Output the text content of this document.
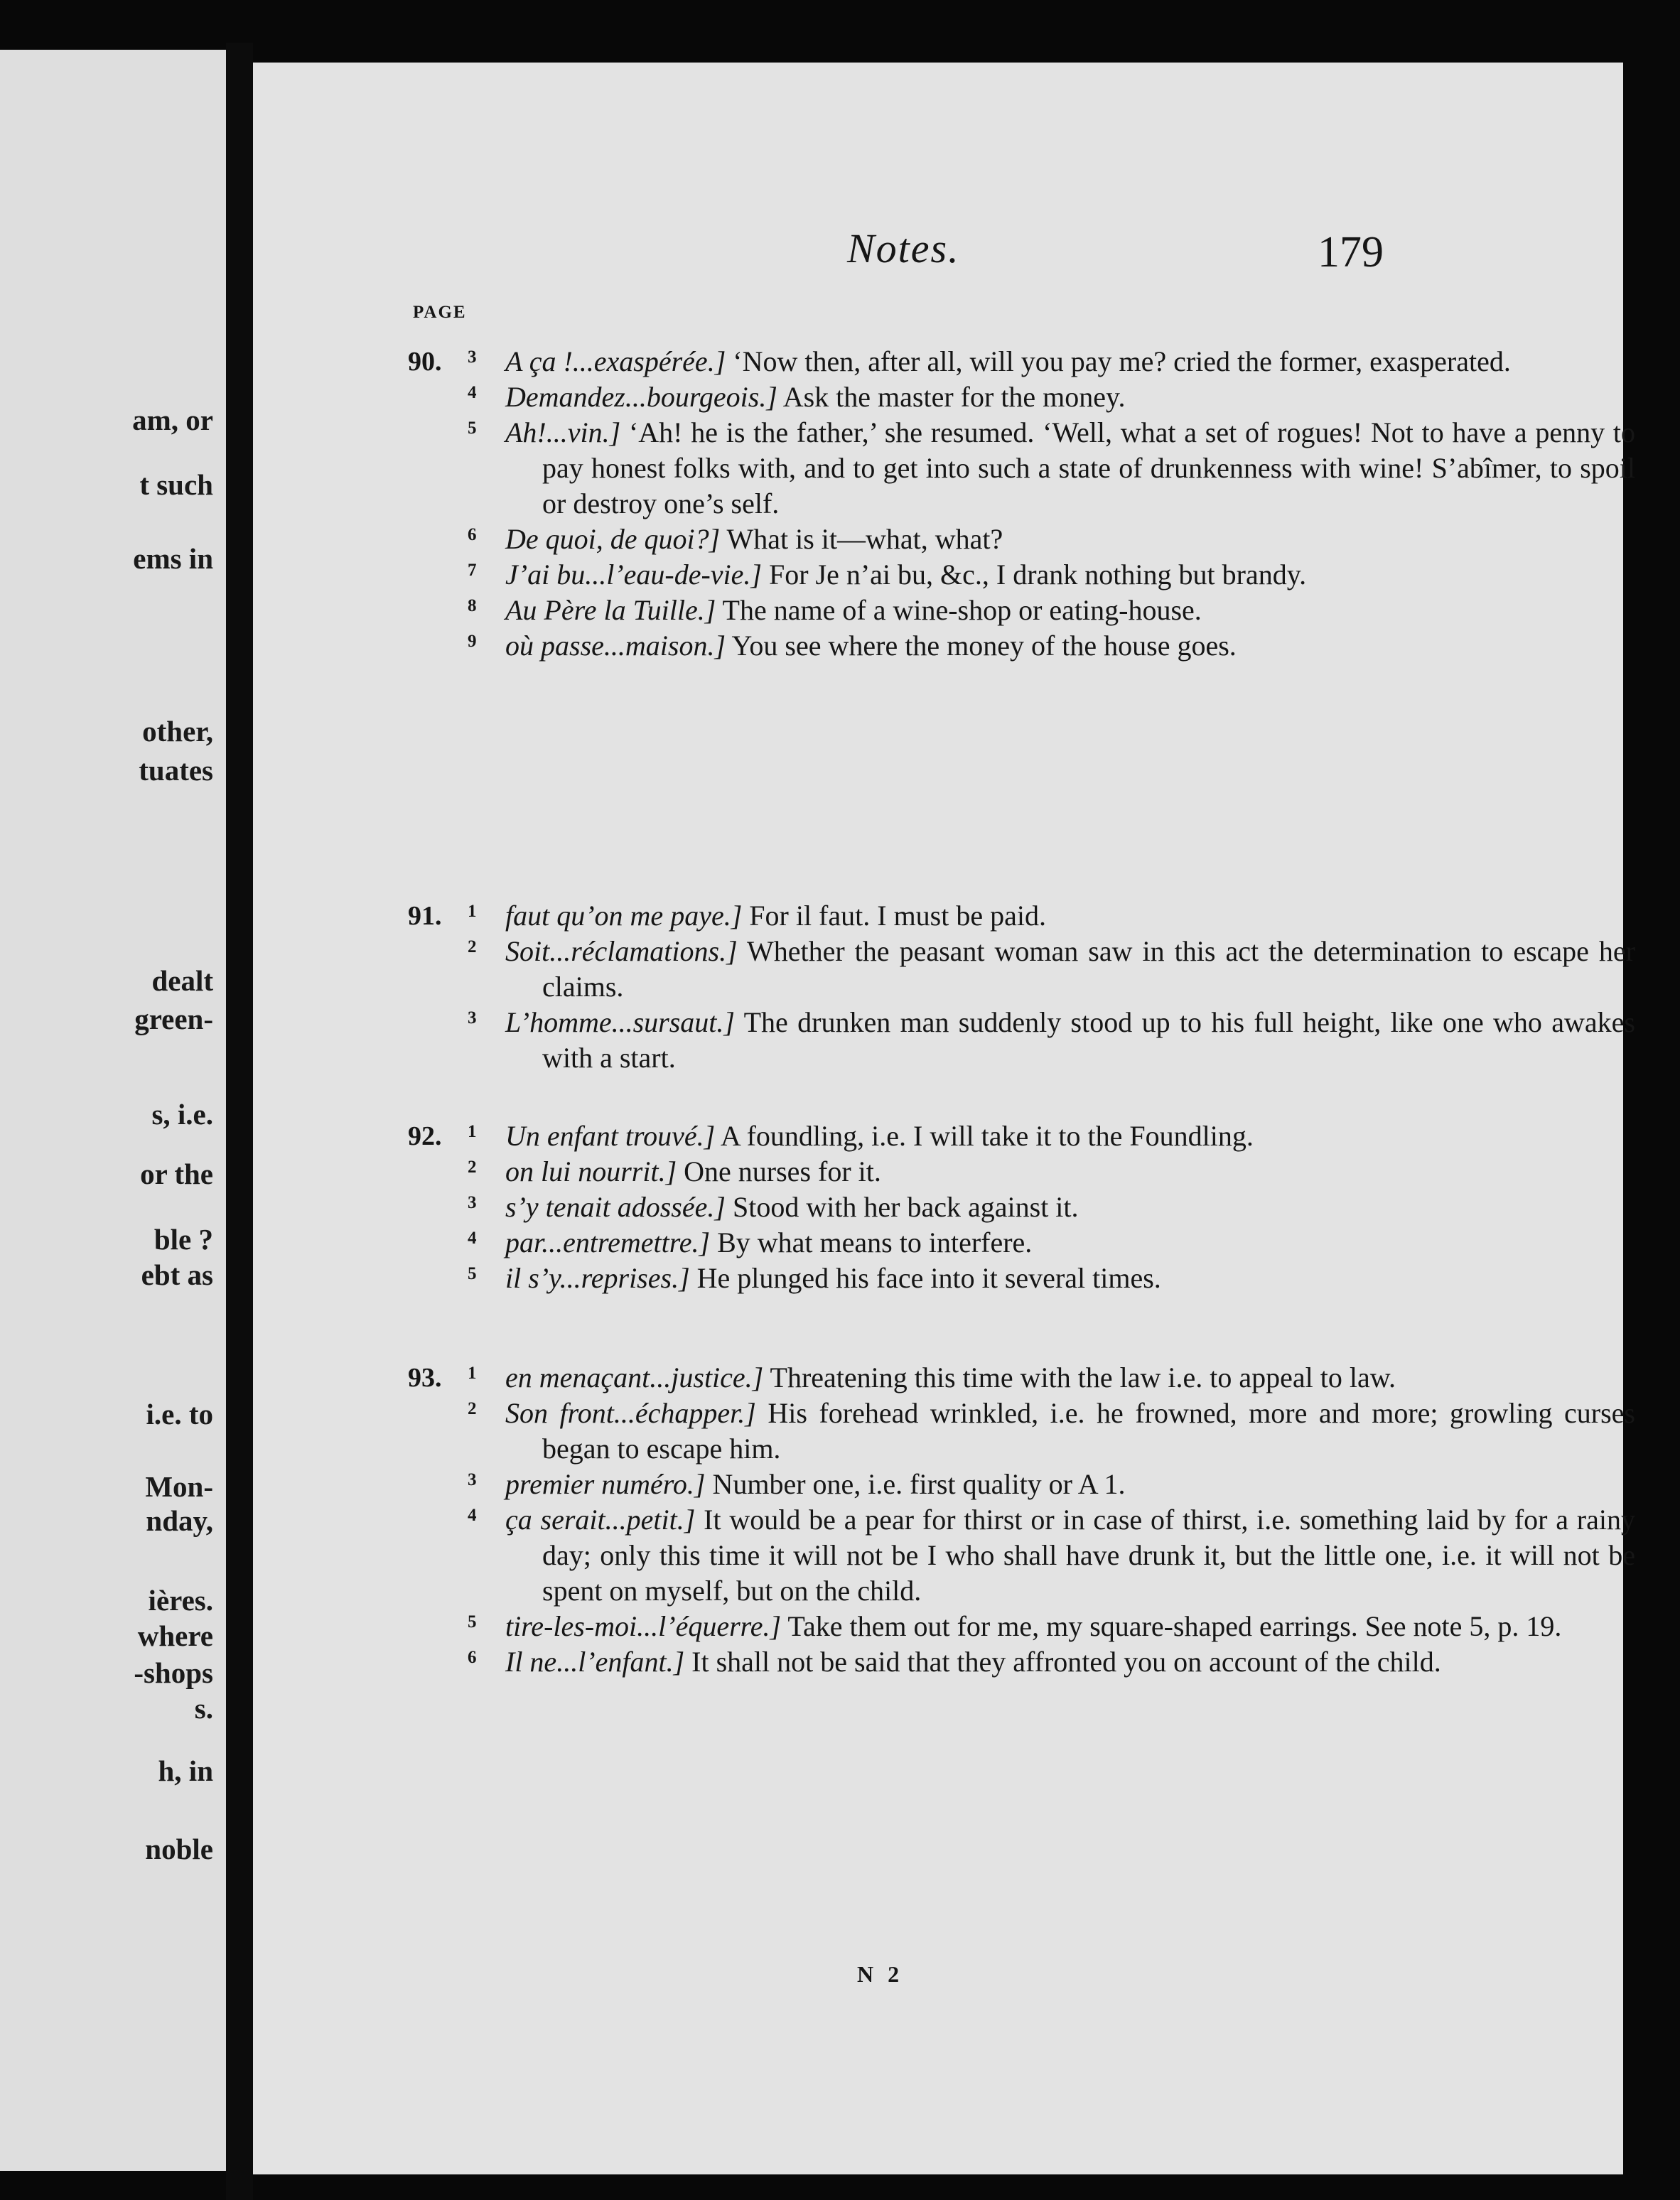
am, or
t such
ems in
other,
tuates
dealt
green-
s, i.e.
or the
ble ?
ebt as
i.e. to
Mon-
nday,
ières.
where
-shops
s.
h, in
noble
Notes.	179
PAGE
90. 3 A ça !...exaspérée.] ‘Now then, after all, will you pay me? cried the former, exasperated.
4 Demandez...bourgeois.] Ask the master for the money.
5 Ah!...vin.] ‘Ah! he is the father,’ she resumed. ‘Well, what a set of rogues! Not to have a penny to pay honest folks with, and to get into such a state of drunkenness with wine! S’abîmer, to spoil or destroy one’s self.
6 De quoi, de quoi?] What is it—what, what?
7 J’ai bu...l’eau-de-vie.] For Je n’ai bu, &c., I drank nothing but brandy.
8 Au Père la Tuille.] The name of a wine-shop or eating-house.
9 où passe...maison.] You see where the money of the house goes.
91. 1 faut qu’on me paye.] For il faut. I must be paid.
2 Soit...réclamations.] Whether the peasant woman saw in this act the determination to escape her claims.
3 L’homme...sursaut.] The drunken man suddenly stood up to his full height, like one who awakes with a start.
92. 1 Un enfant trouvé.] A foundling, i.e. I will take it to the Foundling.
2 on lui nourrit.] One nurses for it.
3 s’y tenait adossée.] Stood with her back against it.
4 par...entremettre.] By what means to interfere.
5 il s’y...reprises.] He plunged his face into it several times.
93. 1 en menaçant...justice.] Threatening this time with the law i.e. to appeal to law.
2 Son front...échapper.] His forehead wrinkled, i.e. he frowned, more and more; growling curses began to escape him.
3 premier numéro.] Number one, i.e. first quality or A 1.
4 ça serait...petit.] It would be a pear for thirst or in case of thirst, i.e. something laid by for a rainy day; only this time it will not be I who shall have drunk it, but the little one, i.e. it will not be spent on myself, but on the child.
5 tire-les-moi...l’équerre.] Take them out for me, my square-shaped earrings. See note 5, p. 19.
6 Il ne...l’enfant.] It shall not be said that they affronted you on account of the child.
N 2
